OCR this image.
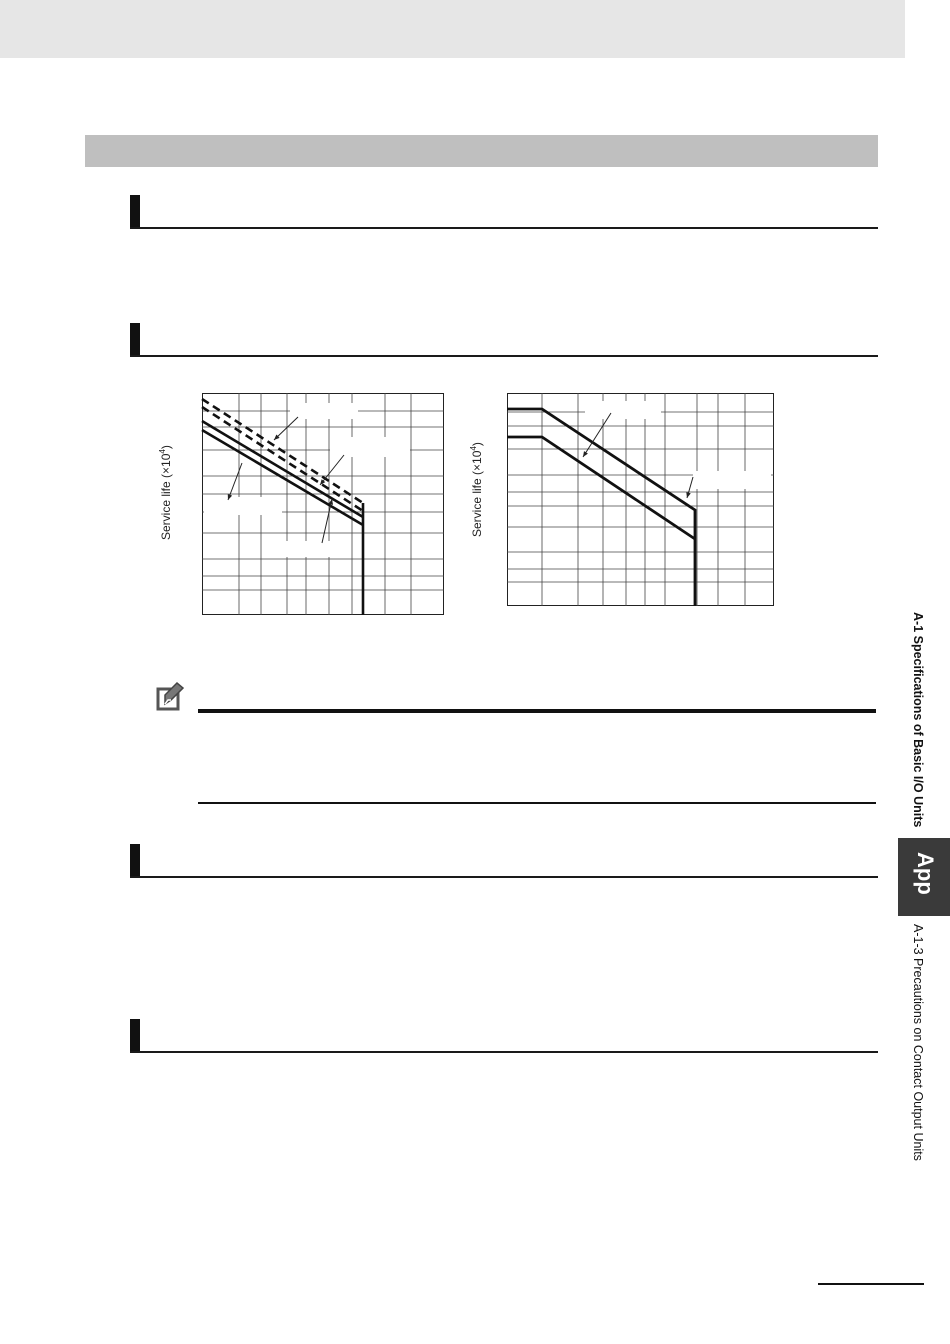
Service life $(\times 10^4)$
Service life $(\times 10^4)$
A-1 Specifications of Basic I/O Units
App
A-1-3 Precautions on Contact Output Units
